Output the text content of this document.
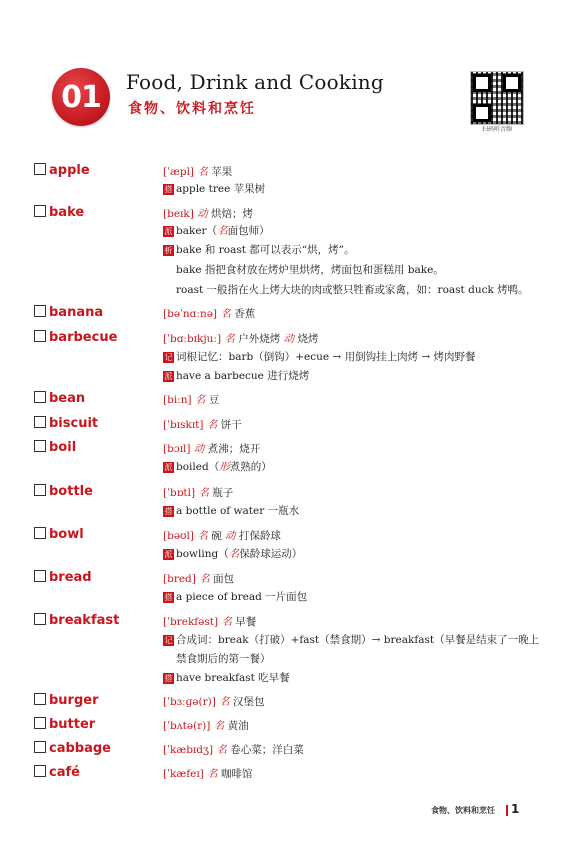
01 Food, Drink and Cooking
食物、饮料和烹饪
扫码听音频
apple	[ˈæpl] 名 苹果
搭 apple tree 苹果树
bake	[beɪk] 动 烘焙；烤
派 baker（名面包师）
析 bake 和 roast 都可以表示“烘，烤”。
bake 指把食材放在烤炉里烘烤，烤面包和蛋糕用 bake。
roast 一般指在火上烤大块的肉或整只牲畜或家禽，如：roast duck 烤鸭。
banana	[bəˈnɑːnə] 名 香蕉
barbecue	[ˈbɑːbɪkjuː] 名 户外烧烤 动 烧烤
记 词根记忆：barb（倒钩）+ecue → 用倒钩挂上肉烤 → 烤肉野餐
派 have a barbecue 进行烧烤
bean	[biːn] 名 豆
biscuit	[ˈbɪskɪt] 名 饼干
boil	[bɔɪl] 动 煮沸；烧开
派 boiled（形煮熟的）
bottle	[ˈbɒtl] 名 瓶子
搭 a bottle of water 一瓶水
bowl	[bəʊl] 名 碗 动 打保龄球
派 bowling（名保龄球运动）
bread	[bred] 名 面包
搭 a piece of bread 一片面包
breakfast	[ˈbrekfəst] 名 早餐
记 合成词：break（打破）+fast（禁食期）→ breakfast（早餐是结束了一晚上
禁食期后的第一餐）
搭 have breakfast 吃早餐
burger	[ˈbɜːɡə(r)] 名 汉堡包
butter	[ˈbʌtə(r)] 名 黄油
cabbage	[ˈkæbɪdʒ] 名 卷心菜；洋白菜
café	[ˈkæfeɪ] 名 咖啡馆
食物、饮料和烹饪 1
